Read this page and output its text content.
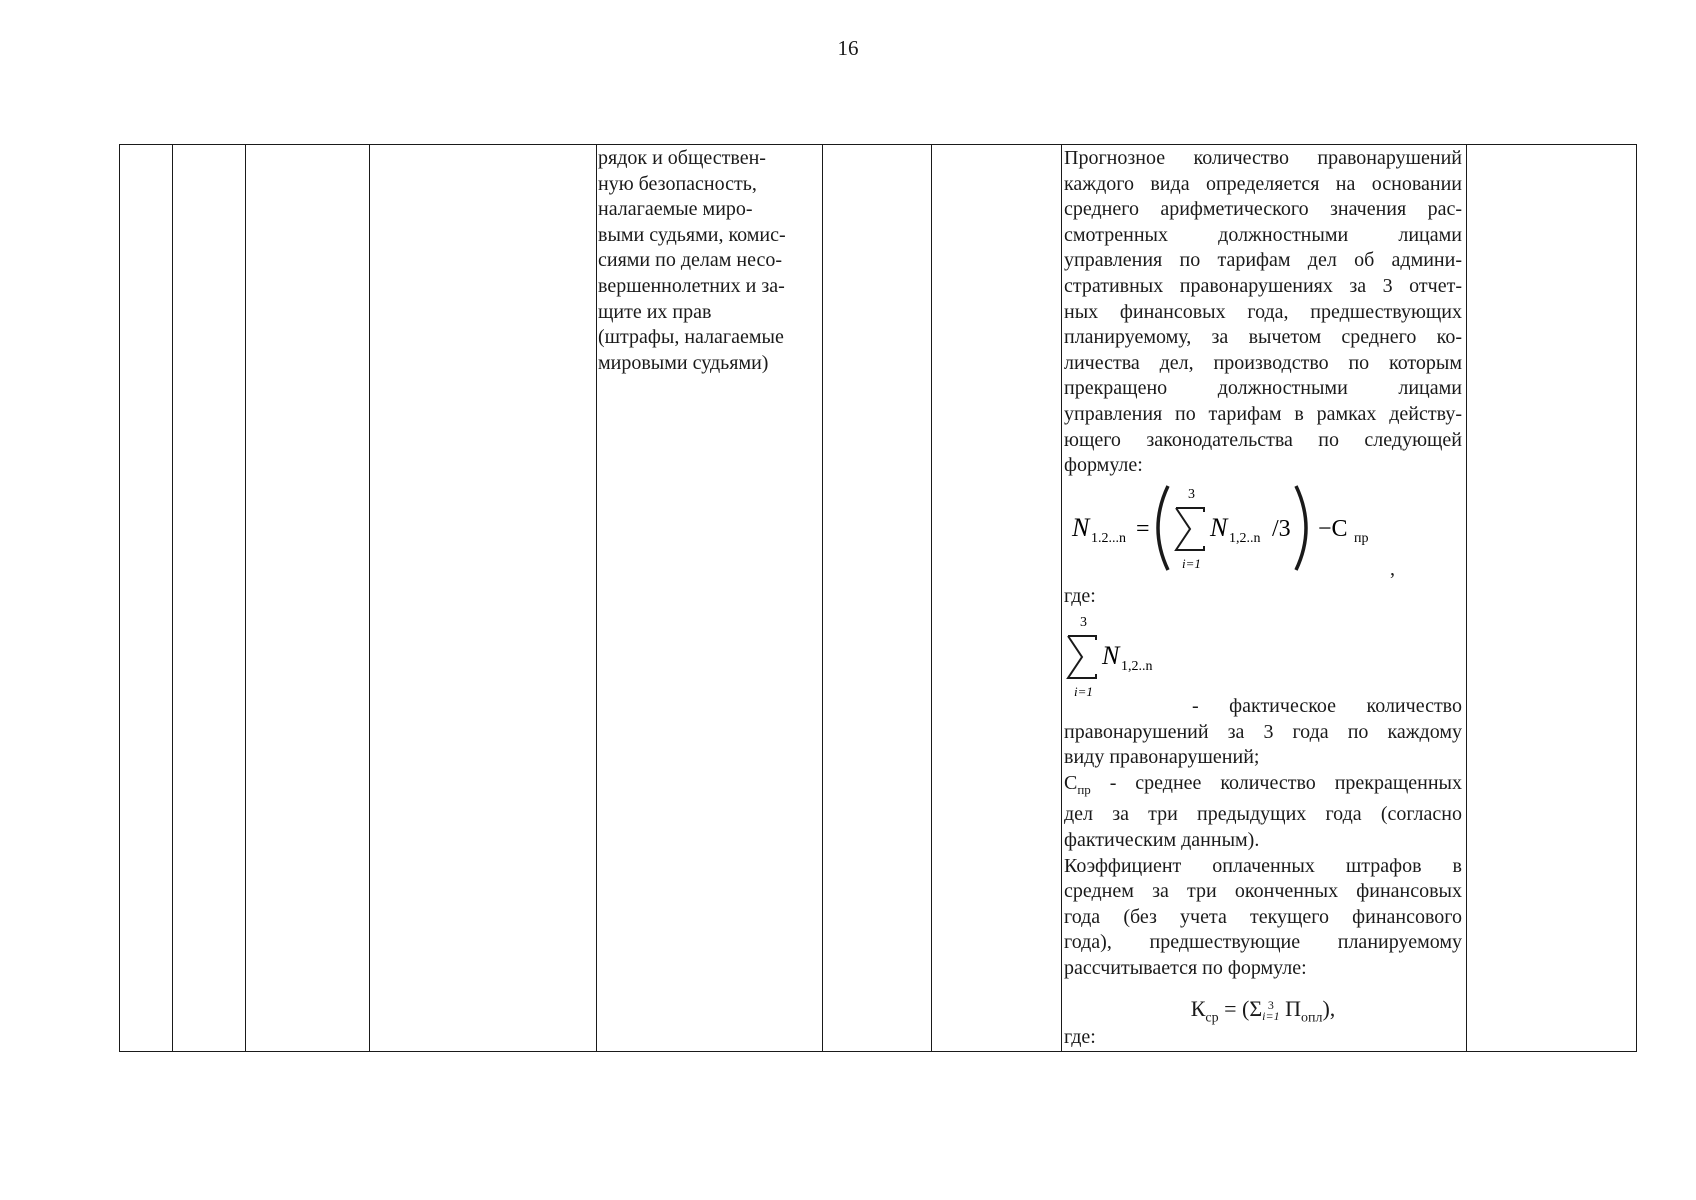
16
рядок и обществен-
ную безопасность,
налагаемые миро-
выми судьями, комис-
сиями по делам несо-
вершеннолетних и за-
щите их прав
(штрафы, налагаемые
мировыми судьями)
Прогнозное количество правонарушений
каждого вида определяется на основании
среднего арифметического значения рас-
смотренных должностными лицами
управления по тарифам дел об админи-
стративных правонарушениях за 3 отчет-
ных финансовых года, предшествующих
планируемому, за вычетом среднего ко-
личества дел, производство по которым
прекращено должностными лицами
управления по тарифам в рамках действу-
ющего законодательства по следующей
формуле:
N 1.2...n =
3
i=1
N 1,2..n /3 −C пр
,
где:
3
i=1
N 1,2..n
- фактическое количество
правонарушений за 3 года по каждому
виду правонарушений;
$С_{пр}$ - среднее количество прекращенных
дел за три предыдущих года (согласно
фактическим данным).
Коэффициент оплаченных штрафов в
среднем за три оконченных финансовых
года (без учета текущего финансового
года), предшествующие планируемому
рассчитывается по формуле:
$К_{ср} = (\Sigma$ 3
i=1 $П_{опл}$),
где:
